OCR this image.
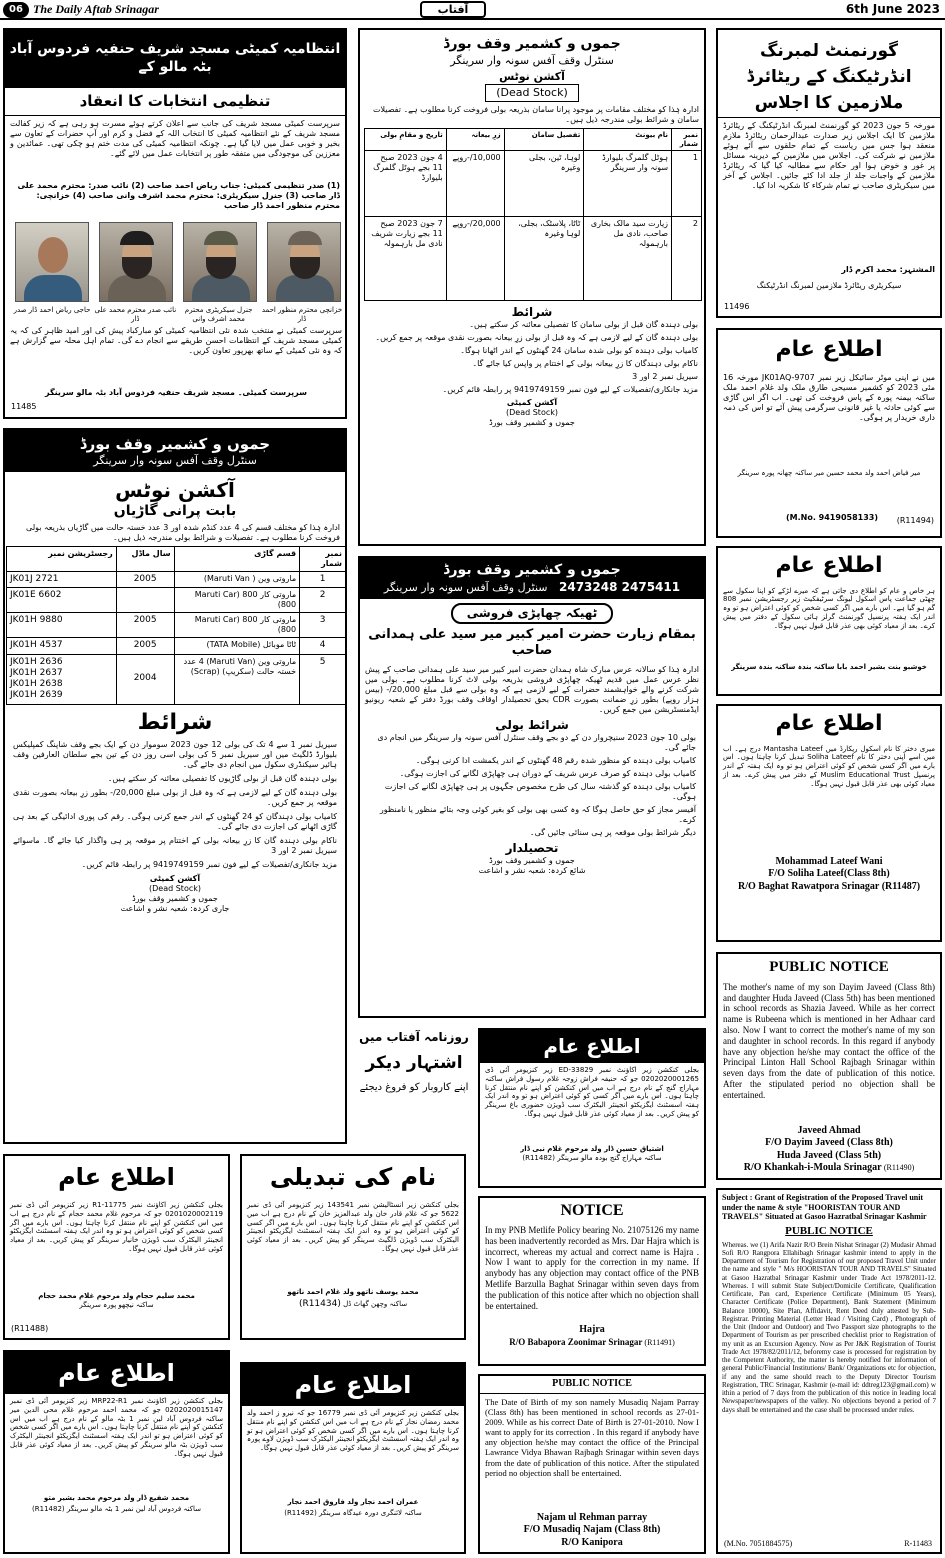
06 The Daily Aftab Srinagar	آفتاب	6th June 2023
انتظامیہ کمیٹی مسجد شریف حنفیہ فردوس آباد بٹہ مالو کے
تنظیمی انتخابات کا انعقاد
سرپرست کمیٹی مسجد شریف کی جانب سے اعلان کرتے ہوئے مسرت ہو رہی ہے کہ زیر کفالت مسجد شریف کے نئے انتظامیہ کمیٹی کا انتخاب اللہ کے فضل و کرم اور آپ حضرات کے تعاون سے بخیر و خوبی عمل میں لایا گیا ہے۔ چونکہ انتظامیہ کمیٹی کی مدت ختم ہو چکی تھی۔ عمائدین و معززین کی موجودگی میں متفقہ طور پر انتخابات عمل میں لائے گئے۔
(1) صدر تنظیمی کمیٹی: جناب ریاض احمد صاحب (2) نائب صدر: محترم محمد علی ڈار صاحب (3) جنرل سیکریٹری: محترم محمد اشرف وانی صاحب (4) خزانچی: محترم منظور احمد ڈار صاحب
حاجی ریاض احمد ڈار صدر نائب صدر محترم محمد علی ڈار
جنرل سیکریٹری محترم محمد اشرف وانی
خزانچی محترم منظور احمد ڈار
سرپرست کمیٹی نے منتخب شدہ نئی انتظامیہ کمیٹی کو مبارکباد پیش کی اور امید ظاہر کی کہ یہ کمیٹی مسجد شریف کے انتظامات احسن طریقے سے انجام دے گی۔ تمام اہل محلہ سے گزارش ہے کہ وہ نئی کمیٹی کے ساتھ بھرپور تعاون کریں۔
سرپرست کمیٹی۔ مسجد شریف حنفیہ فردوس آباد بٹہ مالو سرینگر
11485
جموں و کشمیر وقف بورڈ
سنٹرل وقف آفس سونہ وار سرینگر
آکشن نوٹس
(Dead Stock)
ادارہ ہٰذا کو مختلف مقامات پر موجود پرانا سامان بذریعہ بولی فروخت کرنا مطلوب ہے۔ تفصیلات سامان و شرائط بولی مندرجہ ذیل ہیں۔
نمبر شمار	نام بیونٹ	تفصیل سامان	زرِ بیعانہ	تاریخ و مقامِ بولی
1	ہوٹل گلمرگ بلیوارڈ سونہ وار سرینگر	لوہا، ٹین، بجلی وغیرہ	10,000/-روپے	4 جون 2023 صبح 11 بجے ہوٹل گلمرگ بلیوارڈ
2	زیارت سید مالک بخاری صاحب، نادی مل بارہمولہ	ٹاٹا، پلاسٹک، بجلی، لوہا وغیرہ	20,000/-روپے	7 جون 2023 صبح 11 بجے زیارت شریف نادی مل بارہمولہ
شرائط
بولی دہندہ گان قبل از بولی سامان کا تفصیلی معائنہ کر سکتے ہیں۔
بولی دہندہ گان کے لیے لازمی ہے کہ وہ قبل از بولی زرِ بیعانہ بصورت نقدی موقعہ پر جمع کریں۔
کامیاب بولی دہندہ کو بولی شدہ سامان 24 گھنٹوں کے اندر اٹھانا ہوگا۔
ناکام بولی دہندگان کا زرِ بیعانہ بولی کے اختتام پر واپس کیا جائے گا۔
سیریل نمبر 2 اور 3
مزید جانکاری/تفصیلات کے لیے فون نمبر 9419749159 پر رابطہ قائم کریں۔
آکشن کمیٹی
(Dead Stock)
جموں و کشمیر وقف بورڈ
گورنمنٹ لمبرنگ انڈرٹیکنگ کے ریٹائرڈ ملازمین کا اجلاس
مورخہ 5 جون 2023 کو گورنمنٹ لمبرنگ انڈرٹیکنگ کے ریٹائرڈ ملازمین کا ایک اجلاس زیر صدارت عبدالرحمان ریٹائرڈ ملازم منعقد ہوا جس میں ریاست کے تمام حلقوں سے آئے ہوئے ملازمین نے شرکت کی۔ اجلاس میں ملازمین کے دیرینہ مسائل پر غور و خوض ہوا اور حکام سے مطالبہ کیا گیا کہ ریٹائرڈ ملازمین کے واجبات جلد از جلد ادا کئے جائیں۔ اجلاس کے آخر میں سیکریٹری صاحب نے تمام شرکاء کا شکریہ ادا کیا۔
المشتہر: محمد اکرم ڈار
سیکریٹری ریٹائرڈ ملازمین لمبرنگ انڈرٹیکنگ
11496
اطلاع عام
میں نے اپنی موٹر سائیکل زیر نمبر JK01AQ-9707 مورخہ 16 مئی 2023 کو کشمیر مسیحی طارق ملک ولد غلام احمد ملک ساکنہ بیمنہ پورہ کے پاس فروخت کی تھی۔ اب اگر اس گاڑی سے کوئی حادثہ یا غیر قانونی سرگرمی پیش آئے تو اس کی ذمہ داری خریدار پر ہوگی۔
میر فیاض احمد ولد محمد حسین میر ساکنہ چھانہ پورہ سرینگر
(M.No. 9419058133) (R11494)
جموں و کشمیر وقف بورڈ
سنٹرل وقف آفس سونہ وار سرینگر
آکشن نوٹس
بابت پرانی گاڑیاں
ادارہ ہٰذا کو مختلف قسم کی 4 عدد کنڈم شدہ اور 3 عدد خستہ حالت میں گاڑیاں بذریعہ بولی فروخت کرنا مطلوب ہے۔ تفصیلات و شرائط بولی مندرجہ ذیل ہیں۔
نمبر شمار	قسم گاڑی	سال ماڈل	رجسٹریشن نمبر
1	ماروتی وین ( Maruti Van)	2005	JK01J 2721
2	ماروتی کار 800 (Maruti Car 800)		JK01E 6602
3	ماروتی کار 800 (Maruti Car 800)	2005	JK01H 9880
4	ٹاٹا موبائل (TATA Mobile)	2005	JK01H 4537
5	ماروتی وین (Maruti Van) 4 عدد خستہ حالت (سکریپ) (Scrap)	2004	JK01H 2636
JK01H 2637
JK01H 2638
JK01H 2639
شرائط
سیریل نمبر 1 سے 4 تک کی بولی 12 جون 2023 سوموار دن کے ایک بجے وقف شاپنگ کمپلیکس بلیوارڈ ڈلگیٹ میں اور سیریل نمبر 5 کی بولی اسی روز دن کے تین بجے سلطان العارفین وقف ہائیر سیکنڈری سکول میں انجام دی جائے گی۔
بولی دہندہ گان قبل از بولی گاڑیوں کا تفصیلی معائنہ کر سکتے ہیں۔
بولی دہندہ گان کے لیے لازمی ہے کہ وہ قبل از بولی مبلغ 20,000/- بطور زرِ بیعانہ بصورت نقدی موقعہ پر جمع کریں۔
کامیاب بولی دہندگان کو 24 گھنٹوں کے اندر جمع کرنی ہوگی۔ رقم کی پوری ادائیگی کے بعد ہی گاڑی اٹھانے کی اجازت دی جائے گی۔
ناکام بولی دہندہ گان کا زرِ بیعانہ بولی کے اختتام پر موقعہ پر ہی واگذار کیا جائے گا۔ ماسوائے سیریل نمبر 2 اور 3
مزید جانکاری/تفصیلات کے لیے فون نمبر 9419749159 پر رابطہ قائم کریں۔
آکشن کمیٹی
(Dead Stock)
جموں و کشمیر وقف بورڈ
جاری کردہ: شعبہ نشر و اشاعت
جموں و کشمیر وقف بورڈ
2475411 2473248 سنٹرل وقف آفس سونہ وار سرینگر
ٹھیکہ چھاپڑی فروشی
بمقام زیارت حضرت امیر کبیر میر سید علی ہمدانی صاحب
ادارہ ہٰذا کو سالانہ عرس مبارک شاہ ہمدان حضرت امیر کبیر میر سید علی ہمدانی صاحب کے پیش نظر عرس عمل میں قدیم ٹھیکہ چھاپڑی فروشی بذریعہ بولی لاٹ کرنا مطلوب ہے۔ بولی میں شرکت کرنے والے خواہشمند حضرات کے لیے لازمی ہے کہ وہ بولی سے قبل مبلغ 20,000/- (بیس ہزار روپے) بطور زرِ ضمانت بصورت CDR بحق تحصیلدار اوقاف وقف بورڈ دفتر کے شعبہ ریونیو ایڈمنسٹریشن میں جمع کریں۔
شرائط بولی
بولی 10 جون 2023 سنیچروار دن کے دو بجے وقف سنٹرل آفس سونہ وار سرینگر میں انجام دی جائے گی۔
کامیاب بولی دہندہ کو منظور شدہ رقم 48 گھنٹوں کے اندر یکمشت ادا کرنی ہوگی۔
کامیاب بولی دہندہ کو صرف عرس شریف کے دوران ہی چھاپڑی لگانے کی اجازت ہوگی۔
کامیاب بولی دہندہ کو گذشتہ سال کی طرح مخصوص جگہوں پر ہی چھاپڑی لگانے کی اجازت ہوگی۔
آفیسر مجاز کو حق حاصل ہوگا کہ وہ کسی بھی بولی کو بغیر کوئی وجہ بتائے منظور یا نامنظور کرے۔
دیگر شرائط بولی موقعہ پر ہی سنائی جائیں گی۔
تحصیلدار
جموں و کشمیر وقف بورڈ
شائع کردہ: شعبہ نشر و اشاعت
اطلاع عام
ہر خاص و عام کو اطلاع دی جاتی ہے کہ میرے لڑکے کو اپنا سکول سے چھٹی جماعت پاس اسکول لیونگ سرٹیفکیٹ زیر رجسٹریشن نمبر 808 گم ہو گیا ہے۔ اس بارے میں اگر کسی شخص کو کوئی اعتراض ہو تو وہ اندر ایک ہفتہ پرنسپل گورنمنٹ گرلز ہائی سکول کے دفتر میں پیش کرے۔ بعد از معیاد کوئی بھی عذر قابل قبول نہیں ہوگا۔
خوشبو بنت بشیر احمد بابا ساکنہ بندہ ساکنہ بندہ سرینگر
اطلاع عام
میری دختر کا نام اسکول ریکارڈ میں Mantasha Lateef درج ہے۔ اب میں اسے اپنی دختر کا نام Soliha Lateef تبدیل کرنا چاہتا ہوں۔ اس بارے میں اگر کسی شخص کو کوئی اعتراض ہو تو وہ ایک ہفتہ کے اندر پرنسپل Muslim Educational Trust کے دفتر میں پیش کرے۔ بعد از معیاد کوئی بھی عذر قابل قبول نہیں ہوگا۔
Mohammad Lateef Wani
F/O Soliha Lateef(Class 8th)
R/O Baghat Rawatpora Srinagar (R11487)
PUBLIC NOTICE
The mother's name of my son Dayim Javeed (Class 8th) and daughter Huda Javeed (Class 5th) has been mentioned in school records as Shazia Javeed. While as her correct name is Rubeena which is mentioned in her Adhaar card also. Now I want to correct the mother's name of my son and daughter in school records. In this regard if anybody have any objection he/she may contact the office of the Principal Linton Hall School Rajbagh Srinagar within seven days from the date of publication of this notice. After the stipulated period no objection shall be entertained.
Javeed Ahmad
F/O Dayim Javeed (Class 8th)
Huda Javeed (Class 5th)
R/O Khankah-i-Moula Srinagar (R11490)
روزنامہ آفتاب میں
اشتہار دیکر
اپنے کاروبار کو فروغ دیجئے
اطلاع عام
بجلی کنکشن زیر اکاؤنٹ نمبر 33829-ED زیر کنزیومر آئی ڈی 0202020001265 جو کہ حنیفہ فراش زوجہ غلام رسول فراش ساکنہ مہاراج گنج کے نام درج ہے اب میں اس کنکشن کو اپنے نام منتقل کرنا چاہتا ہوں۔ اس بارے میں اگر کسی کو کوئی اعتراض ہو تو وہ اندر ایک ہفتہ اسسٹنٹ ایگزیکٹو انجینئر الیکٹرک سب ڈویژن حضوری باغ سرینگر کو پیش کریں۔ بعد از معیاد کوئی عذر قابل قبول نہیں ہوگا۔
اشتیاق حسین ڈار ولد مرحوم غلام نبی ڈار
ساکنہ مہاراج گنج بودہ مالو سرینگر (R11482)
اطلاع عام
بجلی کنکشن زیر اکاؤنٹ نمبر 11775-R1 زیر کنزیومر آئی ڈی نمبر 0201020002119 جو کہ مرحوم غلام محمد حجام کے نام درج ہے اب میں اس کنکشن کو اپنے نام منتقل کرنا چاہتا ہوں۔ اس بارے میں اگر کسی شخص کو کوئی اعتراض ہو تو وہ اندر ایک ہفتہ اسسٹنٹ ایگزیکٹو انجینئر الیکٹرک سب ڈویژن خانیار سرینگر کو پیش کریں۔ بعد از معیاد کوئی عذر قابل قبول نہیں ہوگا۔
محمد سلیم حجام ولد مرحوم غلام محمد حجام
ساکنہ نیچھو پورہ سرینگر
(R11488)
نام کی تبدیلی
بجلی کنکشن زیر انسٹالیشن نمبر 143541 زیر کنزیومر آئی ڈی نمبر 5622 جو کہ غلام قادر خان ولد عبدالعزیز خان کے نام درج ہے اب میں اس کنکشن کو اپنے نام منتقل کرنا چاہتا ہوں۔ اس بارے میں اگر کسی کو کوئی اعتراض ہو تو وہ اندر ایک ہفتہ اسسٹنٹ ایگزیکٹو انجینئر الیکٹرک سب ڈویژن ڈلگیٹ سرینگر کو پیش کریں۔ بعد از معیاد کوئی عذر قابل قبول نہیں ہوگا۔
محمد یوسف ناتھو ولد غلام احمد ناتھو
ساکنہ وچھن گھاٹ ڈل (R11434)
NOTICE
In my PNB Metlife Policy bearing No. 21075126 my name has been inadvertently recorded as Mrs. Dar Hajra which is incorrect, whereas my actual and correct name is Hajra . Now I want to apply for the correction in my name. If anybody has any objection may contact office of the PNB Metlife Barzulla Baghat Srinagar within seven days from the publication of this notice after which no objection shall be entertained.
Hajra
R/O Babapora Zoonimar Srinagar (R11491)
Subject : Grant of Registration of the Proposed Travel unit under the name & style "HOORISTAN TOUR AND TRAVELS" Situated at Gasoo Hazratbal Srinagar Kashmir
PUBLIC NOTICE
Whereas. we (1) Arifa Nazir R/O Brein Nishat Srinagar (2) Mudasir Ahmad Sofi R/O Rangpora Ellahibagh Srinagar kashmir intend to apply in the Department of Tourism for Registration of our proposed Travel Unit under the name and style " M/s HOORISTAN TOUR AND TRAVELS" Situated at Gasoo Hazratbal Srinagar Kashmir under Trade Act 1978/2011-12. Whereas. I will submit State Subject/Domicile Certificate, Qualification Certificate, Pan card, Experience Certificate (Minimum 05 Years), Character Certificate (Police Department), Bank Statement (Minimum Balance 10000), Site Plan, Affidavit, Rent Deed duly attested by Sub-Registrar. Printing Material (Letter Head / Visiting Card) , Photograph of the Unit (Indoor and Outdoor) and Two Passport size photographs to the Department of Tourism as per prescribed checklist prior to Registration of my unit as an Excursion Agency. Now as Per J&K Registration of Tourist Trade Act 1978/82/2011/12, beforemy case is processed for registration by the Competent Authority, the matter is hereby notified for information of general Public/Financial Institutions/ Bank/ Organizations etc for objection, if any and the same should reach to the Deputy Director Tourism Registration, TRC Srinagar, Kashmir (e-mail id: ddtreg123@gmail.com) w ithin a period of 7 days from the publication of this notice in leading local Newspaper/newspapers of the valley. No objections beyond a period of 7 days shall be entertained and the case shall be processed under rules.
(M.No. 7051884575)	R-11483
اطلاع عام
بجلی کنکشن زیر اکاؤنٹ نمبر MRP22-R1 زیر کنزیومر آئی ڈی نمبر 0202020015147 جو کہ محمد احمد مرحوم غلام محی الدین میر ساکنہ فردوس آباد لین نمبر 1 بٹہ مالو کے نام درج ہے اب میں اس کنکشن کو اپنے نام منتقل کرنا چاہتا ہوں۔ اس بارے میں اگر کسی شخص کو کوئی اعتراض ہو تو اندر ایک ہفتہ اسسٹنٹ ایگزیکٹو انجینئر الیکٹرک سب ڈویژن بٹہ مالو سرینگر کو پیش کریں۔ بعد از معیاد کوئی عذر قابل قبول نہیں ہوگا۔
محمد شفیع ڈار ولد مرحوم محمد بشیر متو
ساکنہ فردوس آباد لین نمبر 1 بٹہ مالو سرینگر (R11482)
اطلاع عام
بجلی کنکشن زیر کنزیومر آئی ڈی نمبر 16779 جو کہ نیرو ز احمد ولد محمد رمضان نجار کے نام درج ہے اب میں اس کنکشن کو اپنے نام منتقل کرنا چاہتا ہوں۔ اس بارے میں اگر کسی شخص کو کوئی اعتراض ہو تو وہ اندر ایک ہفتہ اسسٹنٹ ایگزیکٹو انجینئر الیکٹرک سب ڈویژن لاوے پورہ سرینگر کو پیش کریں۔ بعد از معیاد کوئی عذر قابل قبول نہیں ہوگا۔
عمران احمد نجار ولد فاروق احمد نجار
ساکنہ لائنگری دورہ عیدگاہ سرینگر (R11492)
PUBLIC NOTICE
The Date of Birth of my son namely Musadiq Najam Parray (Class 8th) has been mentioned in school records as 27-01-2009. While as his correct Date of Birth is 27-01-2010. Now I want to apply for its correction . In this regard if anybody have any objection he/she may contact the office of the Principal Lawrance Vidya Bhawan Rajbagh Srinagar within seven days from the date of publication of this notice. After the stipulated period no objection shall be entertained.
Najam ul Rehman parray
F/O Musadiq Najam (Class 8th)
R/O Kanipora
